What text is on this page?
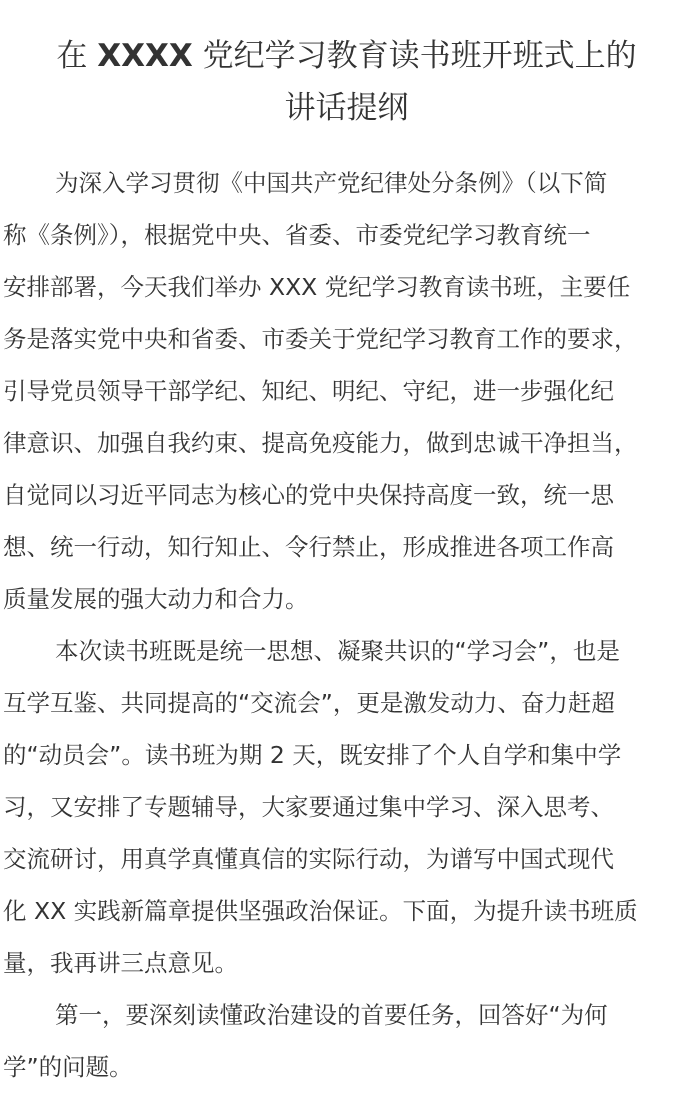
在 XXXX 党纪学习教育读书班开班式上的
讲话提纲

为深入学习贯彻《中国共产党纪律处分条例》（以下简
称《条例》），根据党中央、省委、市委党纪学习教育统一
安排部署，今天我们举办 XXX 党纪学习教育读书班，主要任
务是落实党中央和省委、市委关于党纪学习教育工作的要求，
引导党员领导干部学纪、知纪、明纪、守纪，进一步强化纪
律意识、加强自我约束、提高免疫能力，做到忠诚干净担当，
自觉同以习近平同志为核心的党中央保持高度一致，统一思
想、统一行动，知行知止、令行禁止，形成推进各项工作高
质量发展的强大动力和合力。

本次读书班既是统一思想、凝聚共识的“学习会”，也是
互学互鉴、共同提高的“交流会”，更是激发动力、奋力赶超
的“动员会”。读书班为期 2 天，既安排了个人自学和集中学
习，又安排了专题辅导，大家要通过集中学习、深入思考、
交流研讨，用真学真懂真信的实际行动，为谱写中国式现代
化 XX 实践新篇章提供坚强政治保证。下面，为提升读书班质
量，我再讲三点意见。

第一，要深刻读懂政治建设的首要任务，回答好“为何
学”的问题。
